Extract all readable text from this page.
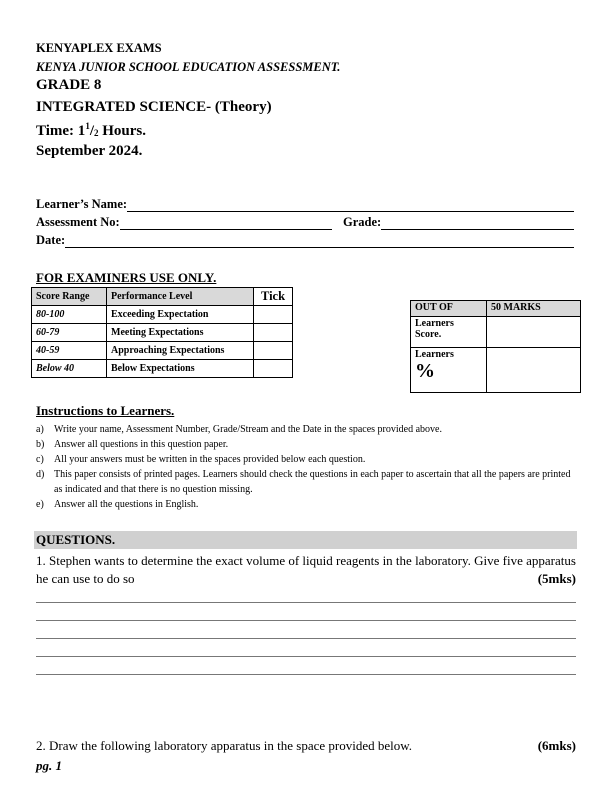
KENYAPLEX EXAMS
KENYA JUNIOR SCHOOL EDUCATION ASSESSMENT.
GRADE 8
INTEGRATED SCIENCE- (Theory)
Time: $1^1/_2$ Hours.
September 2024.
Learner’s Name:
Assessment No:	Grade:
Date:
FOR EXAMINERS USE ONLY.
Score Range	Performance Level	Tick
80-100	Exceeding Expectation	
60-79	Meeting Expectations	
40-59	Approaching Expectations	
Below 40	Below Expectations	
OUT OF	50 MARKS
Learners Score.	

Learners
%	

Instructions to Learners.
a)	Write your name, Assessment Number, Grade/Stream and the Date in the spaces provided above.
b) Answer all questions in this question paper.
c)	All your answers must be written in the spaces provided below each question.
d) This paper consists of printed pages. Learners should check the questions in each paper to ascertain that all the papers are printed as indicated and that there is no question missing.
e)	Answer all the questions in English.
QUESTIONS.
1. Stephen wants to determine the exact volume of liquid reagents in the laboratory. Give five apparatus he can use to do so	(5mks)
2. Draw the following laboratory apparatus in the space provided below.	(6mks)
pg. 1
